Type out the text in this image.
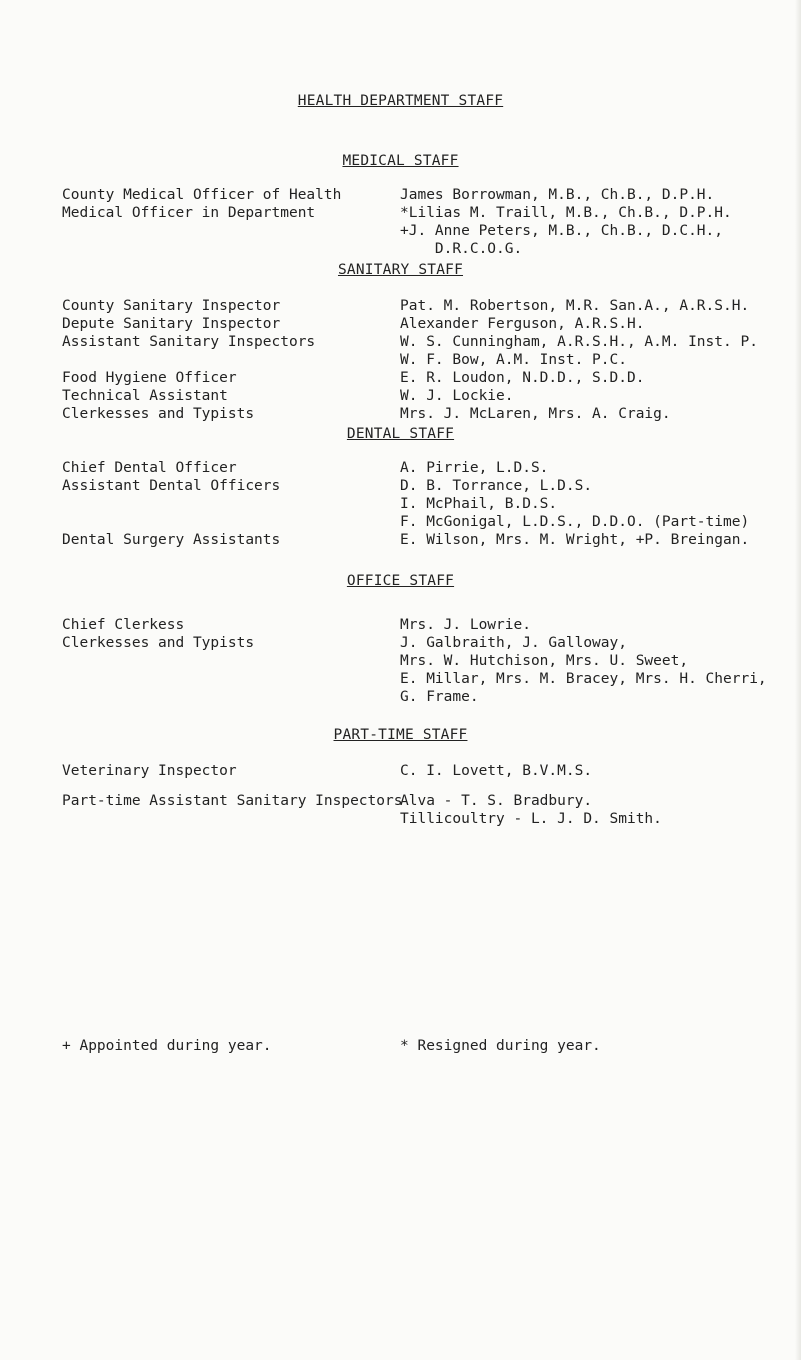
HEALTH DEPARTMENT STAFF
MEDICAL STAFF
County Medical Officer of Health
Medical Officer in Department
James Borrowman, M.B., Ch.B., D.P.H.
*Lilias M. Traill, M.B., Ch.B., D.P.H.
+J. Anne Peters, M.B., Ch.B., D.C.H.,
D.R.C.O.G.
SANITARY STAFF
County Sanitary Inspector
Depute Sanitary Inspector
Assistant Sanitary Inspectors
Food Hygiene Officer
Technical Assistant
Clerkesses and Typists
Pat. M. Robertson, M.R. San.A., A.R.S.H.
Alexander Ferguson, A.R.S.H.
W. S. Cunningham, A.R.S.H., A.M. Inst. P.
W. F. Bow, A.M. Inst. P.C.
E. R. Loudon, N.D.D., S.D.D.
W. J. Lockie.
Mrs. J. McLaren, Mrs. A. Craig.
DENTAL STAFF
Chief Dental Officer
Assistant Dental Officers
Dental Surgery Assistants
A. Pirrie, L.D.S.
D. B. Torrance, L.D.S.
I. McPhail, B.D.S.
F. McGonigal, L.D.S., D.D.O. (Part-time)
E. Wilson, Mrs. M. Wright, +P. Breingan.
OFFICE STAFF
Chief Clerkess
Clerkesses and Typists
Mrs. J. Lowrie.
J. Galbraith, J. Galloway,
Mrs. W. Hutchison, Mrs. U. Sweet,
E. Millar, Mrs. M. Bracey, Mrs. H. Cherri,
G. Frame.
PART-TIME STAFF
Veterinary Inspector
Part-time Assistant Sanitary Inspectors
C. I. Lovett, B.V.M.S.
Alva - T. S. Bradbury.
Tillicoultry - L. J. D. Smith.
+ Appointed during year.	* Resigned during year.
